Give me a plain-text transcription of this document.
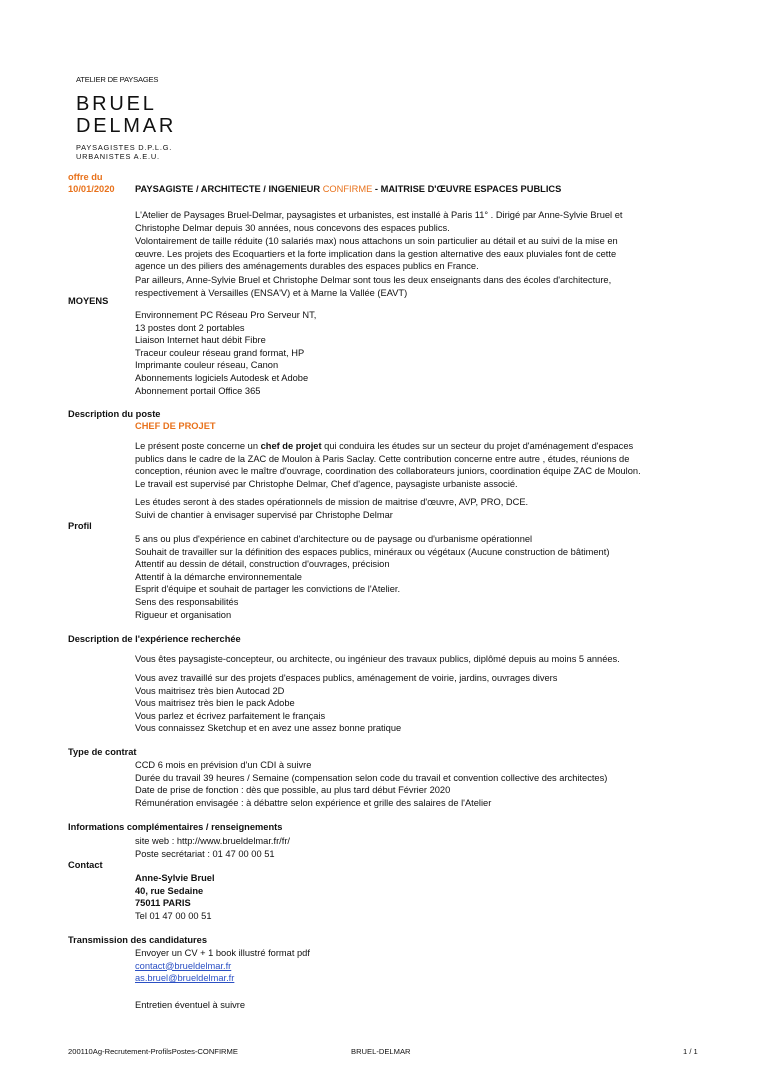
ATELIER DE PAYSAGES
BRUEL
DELMAR
PAYSAGISTES D.P.L.G.
URBANISTES A.E.U.
offre du
10/01/2020 PAYSAGISTE / ARCHITECTE / INGENIEUR CONFIRME - MAITRISE D'ŒUVRE ESPACES PUBLICS

L'Atelier de Paysages Bruel-Delmar, paysagistes et urbanistes, est installé à Paris 11° . Dirigé par Anne-Sylvie Bruel et Christophe Delmar depuis 30 années, nous concevons des espaces publics.

Volontairement de taille réduite (10 salariés max) nous attachons un soin particulier au détail et au suivi de la mise en œuvre. Les projets des Ecoquartiers et la forte implication dans la gestion alternative des eaux pluviales font de cette agence un des piliers des aménagements durables des espaces publics en France.

Par ailleurs, Anne-Sylvie Bruel et Christophe Delmar sont tous les deux enseignants dans des écoles d'architecture, respectivement à Versailles (ENSA'V) et à Marne la Vallée (EAVT)

MOYENS
Environnement PC Réseau Pro Serveur NT,
13 postes dont 2 portables
Liaison Internet haut débit Fibre
Traceur couleur réseau grand format, HP
Imprimante couleur réseau, Canon
Abonnements logiciels Autodesk et Adobe
Abonnement portail Office 365
Description du poste
CHEF DE PROJET

Le présent poste concerne un chef de projet qui conduira les études sur un secteur du projet d'aménagement d'espaces publics dans le cadre de la ZAC de Moulon à Paris Saclay. Cette contribution concerne entre autre , études, réunions de conception, réunion avec le maître d'ouvrage, coordination des collaborateurs juniors, coordination équipe ZAC de Moulon. Le travail est supervisé par Christophe Delmar, Chef d'agence, paysagiste urbaniste associé.

Les études seront à des stades opérationnels de mission de maitrise d'œuvre, AVP, PRO, DCE.
Suivi de chantier à envisager supervisé par Christophe Delmar
Profil
5 ans ou plus d'expérience en cabinet d'architecture ou de paysage ou d'urbanisme opérationnel
Souhait de travailler sur la définition des espaces publics, minéraux ou végétaux (Aucune construction de bâtiment)
Attentif au dessin de détail, construction d'ouvrages, précision
Attentif à la démarche environnementale
Esprit d'équipe et souhait de partager les convictions de l'Atelier.
Sens des responsabilités
Rigueur et organisation
Description de l'expérience recherchée
Vous êtes paysagiste-concepteur, ou architecte, ou ingénieur des travaux publics, diplômé depuis au moins 5 années.
Vous avez travaillé sur des projets d'espaces publics, aménagement de voirie, jardins, ouvrages divers
Vous maitrisez très bien Autocad 2D
Vous maitrisez très bien le pack Adobe
Vous parlez et écrivez parfaitement le français
Vous connaissez Sketchup et en avez une assez bonne pratique
Type de contrat
CCD 6 mois en prévision d'un CDI à suivre
Durée du travail 39 heures / Semaine (compensation selon code du travail et convention collective des architectes)
Date de prise de fonction : dès que possible, au plus tard début Février 2020
Rémunération envisagée : à débattre selon expérience et grille des salaires de l'Atelier
Informations complémentaires / renseignements
site web : http://www.brueldelmar.fr/fr/
Poste secrétariat : 01 47 00 00 51
Contact
Anne-Sylvie Bruel
40, rue Sedaine
75011 PARIS
Tel 01 47 00 00 51
Transmission des candidatures
Envoyer un CV + 1 book illustré format pdf
contact@brueldelmar.fr
as.bruel@brueldelmar.fr
Entretien éventuel à suivre
200110Ag-Recrutement-ProfilsPostes-CONFIRME	BRUEL-DELMAR	1 / 1
